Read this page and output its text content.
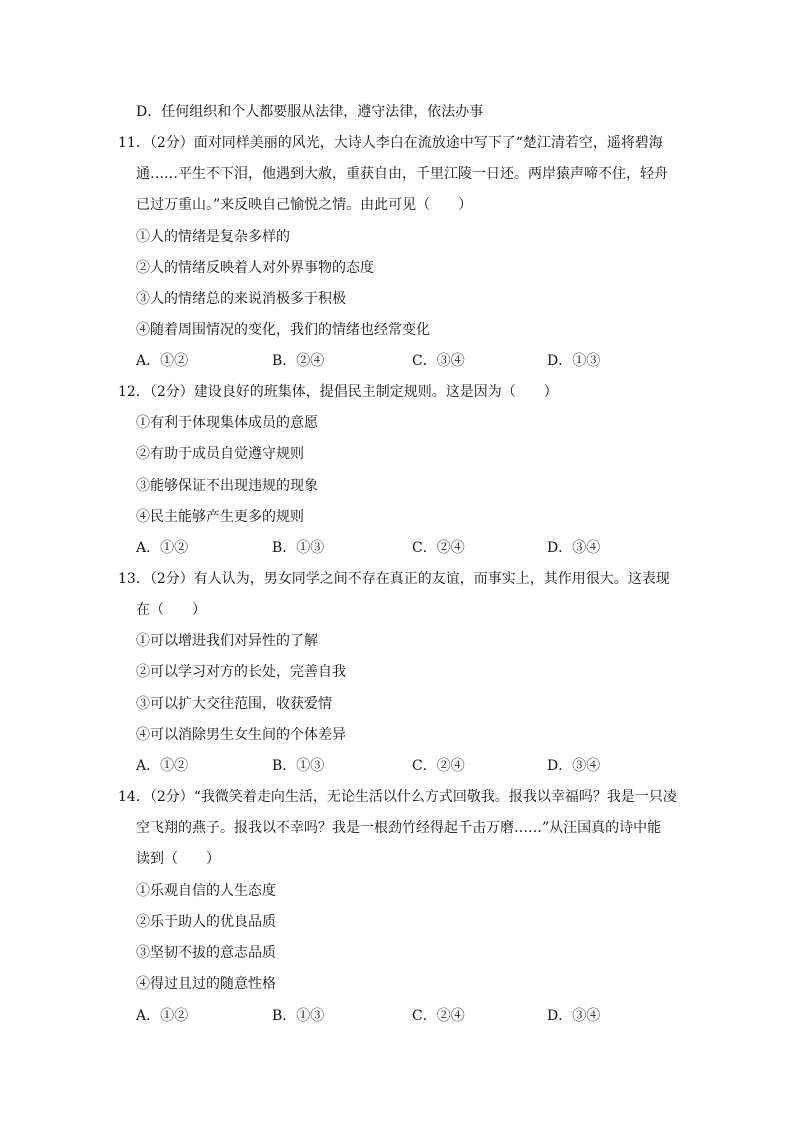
D．任何组织和个人都要服从法律，遵守法律，依法办事
11．（2分）面对同样美丽的风光，大诗人李白在流放途中写下了“楚江清若空，遥将碧海
通……平生不下泪，他遇到大赦，重获自由，千里江陵一日还。两岸猿声啼不住，轻舟
已过万重山。”来反映自己愉悦之情。由此可见（　　）
①人的情绪是复杂多样的
②人的情绪反映着人对外界事物的态度
③人的情绪总的来说消极多于积极
④随着周围情况的变化，我们的情绪也经常变化
A．①②	B．②④	C．③④	D．①③
12．（2分）建设良好的班集体，提倡民主制定规则。这是因为（　　）
①有利于体现集体成员的意愿
②有助于成员自觉遵守规则
③能够保证不出现违规的现象
④民主能够产生更多的规则
A．①②	B．①③	C．②④	D．③④
13．（2分）有人认为，男女同学之间不存在真正的友谊，而事实上，其作用很大。这表现
在（　　）
①可以增进我们对异性的了解
②可以学习对方的长处，完善自我
③可以扩大交往范围，收获爱情
④可以消除男生女生间的个体差异
A．①②	B．①③	C．②④	D．③④
14．（2分）“我微笑着走向生活，无论生活以什么方式回敬我。报我以幸福吗？我是一只凌
空飞翔的燕子。报我以不幸吗？我是一根劲竹经得起千击万磨……”从汪国真的诗中能
读到（　　）
①乐观自信的人生态度
②乐于助人的优良品质
③坚韧不拔的意志品质
④得过且过的随意性格
A．①②	B．①③	C．②④	D．③④
